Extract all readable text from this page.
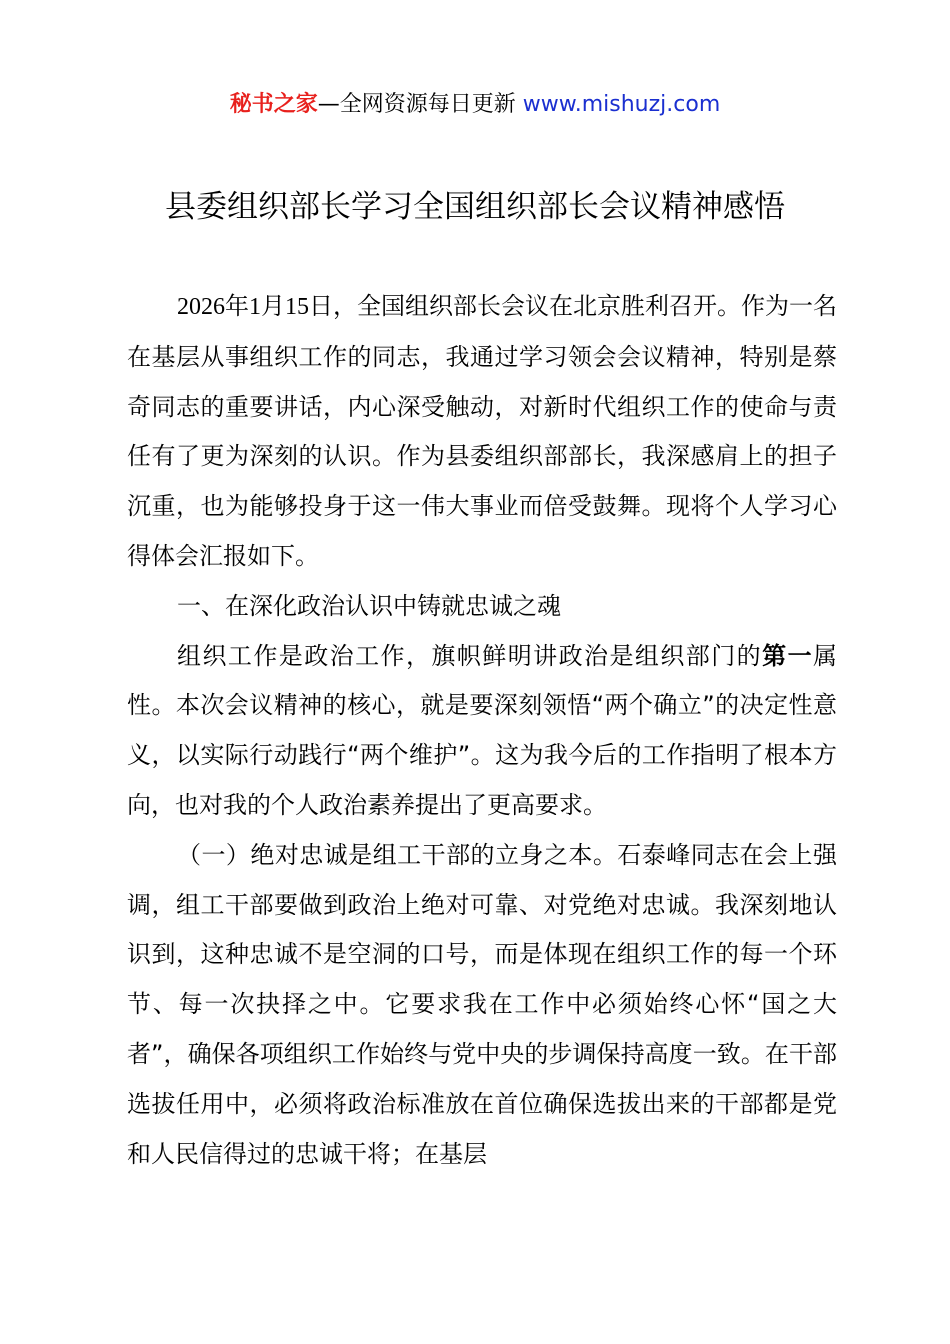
秘书之家—全网资源每日更新 www.mishuzj.com
县委组织部长学习全国组织部长会议精神感悟

2026年1月15日，全国组织部长会议在北京胜利召开。作为一名在基层从事组织工作的同志，我通过学习领会会议精神，特别是蔡奇同志的重要讲话，内心深受触动，对新时代组织工作的使命与责任有了更为深刻的认识。作为县委组织部部长，我深感肩上的担子沉重，也为能够投身于这一伟大事业而倍受鼓舞。现将个人学习心得体会汇报如下。

一、在深化政治认识中铸就忠诚之魂

组织工作是政治工作，旗帜鲜明讲政治是组织部门的第一属性。本次会议精神的核心，就是要深刻领悟“两个确立”的决定性意义，以实际行动践行“两个维护”。这为我今后的工作指明了根本方向，也对我的个人政治素养提出了更高要求。

（一）绝对忠诚是组工干部的立身之本。石泰峰同志在会上强调，组工干部要做到政治上绝对可靠、对党绝对忠诚。我深刻地认识到，这种忠诚不是空洞的口号，而是体现在组织工作的每一个环节、每一次抉择之中。它要求我在工作中必须始终心怀“国之大者”，确保各项组织工作始终与党中央的步调保持高度一致。在干部选拔任用中，必须将政治标准放在首位确保选拔出来的干部都是党和人民信得过的忠诚干将；在基层
